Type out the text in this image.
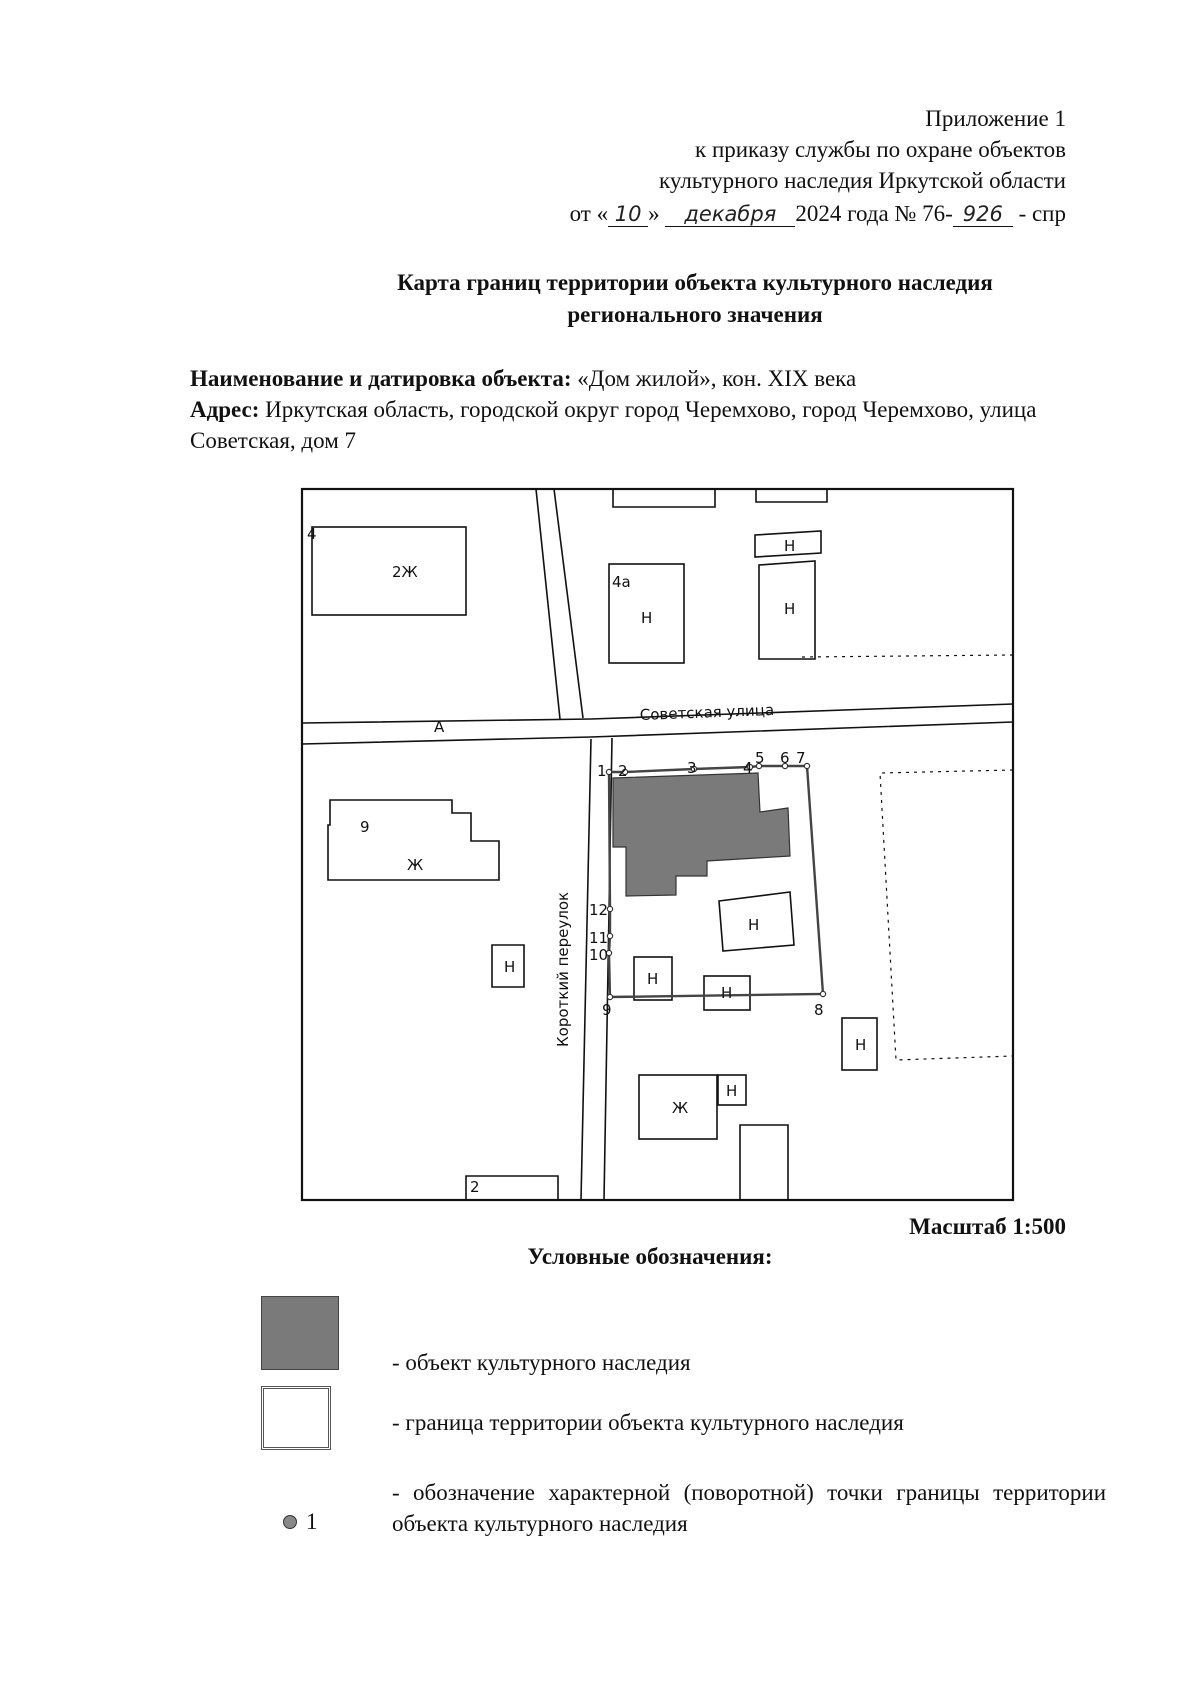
Приложение 1
к приказу службы по охране объектов
культурного наследия Иркутской области
от « 10 » декабря 2024 года № 76- 926 - спр
Карта границ территории объекта культурного наследия
регионального значения
Наименование и датировка объекта: «Дом жилой», кон. XIX века
Адрес: Иркутская область, городской округ город Черемхово, город Черемхово, улица Советская, дом 7
Советская улица
Короткий переулок
А
4
2Ж
4а
Н
Н
Н
9
Ж
Н
Н
Н
Н
Н
Ж
Н
2
1 2	3	4
5 6 7
8
9
10
11
12
Масштаб 1:500
Условные обозначения:
- объект культурного наследия
- граница территории объекта культурного наследия
1
- обозначение характерной (поворотной) точки границы территории объекта культурного наследия
